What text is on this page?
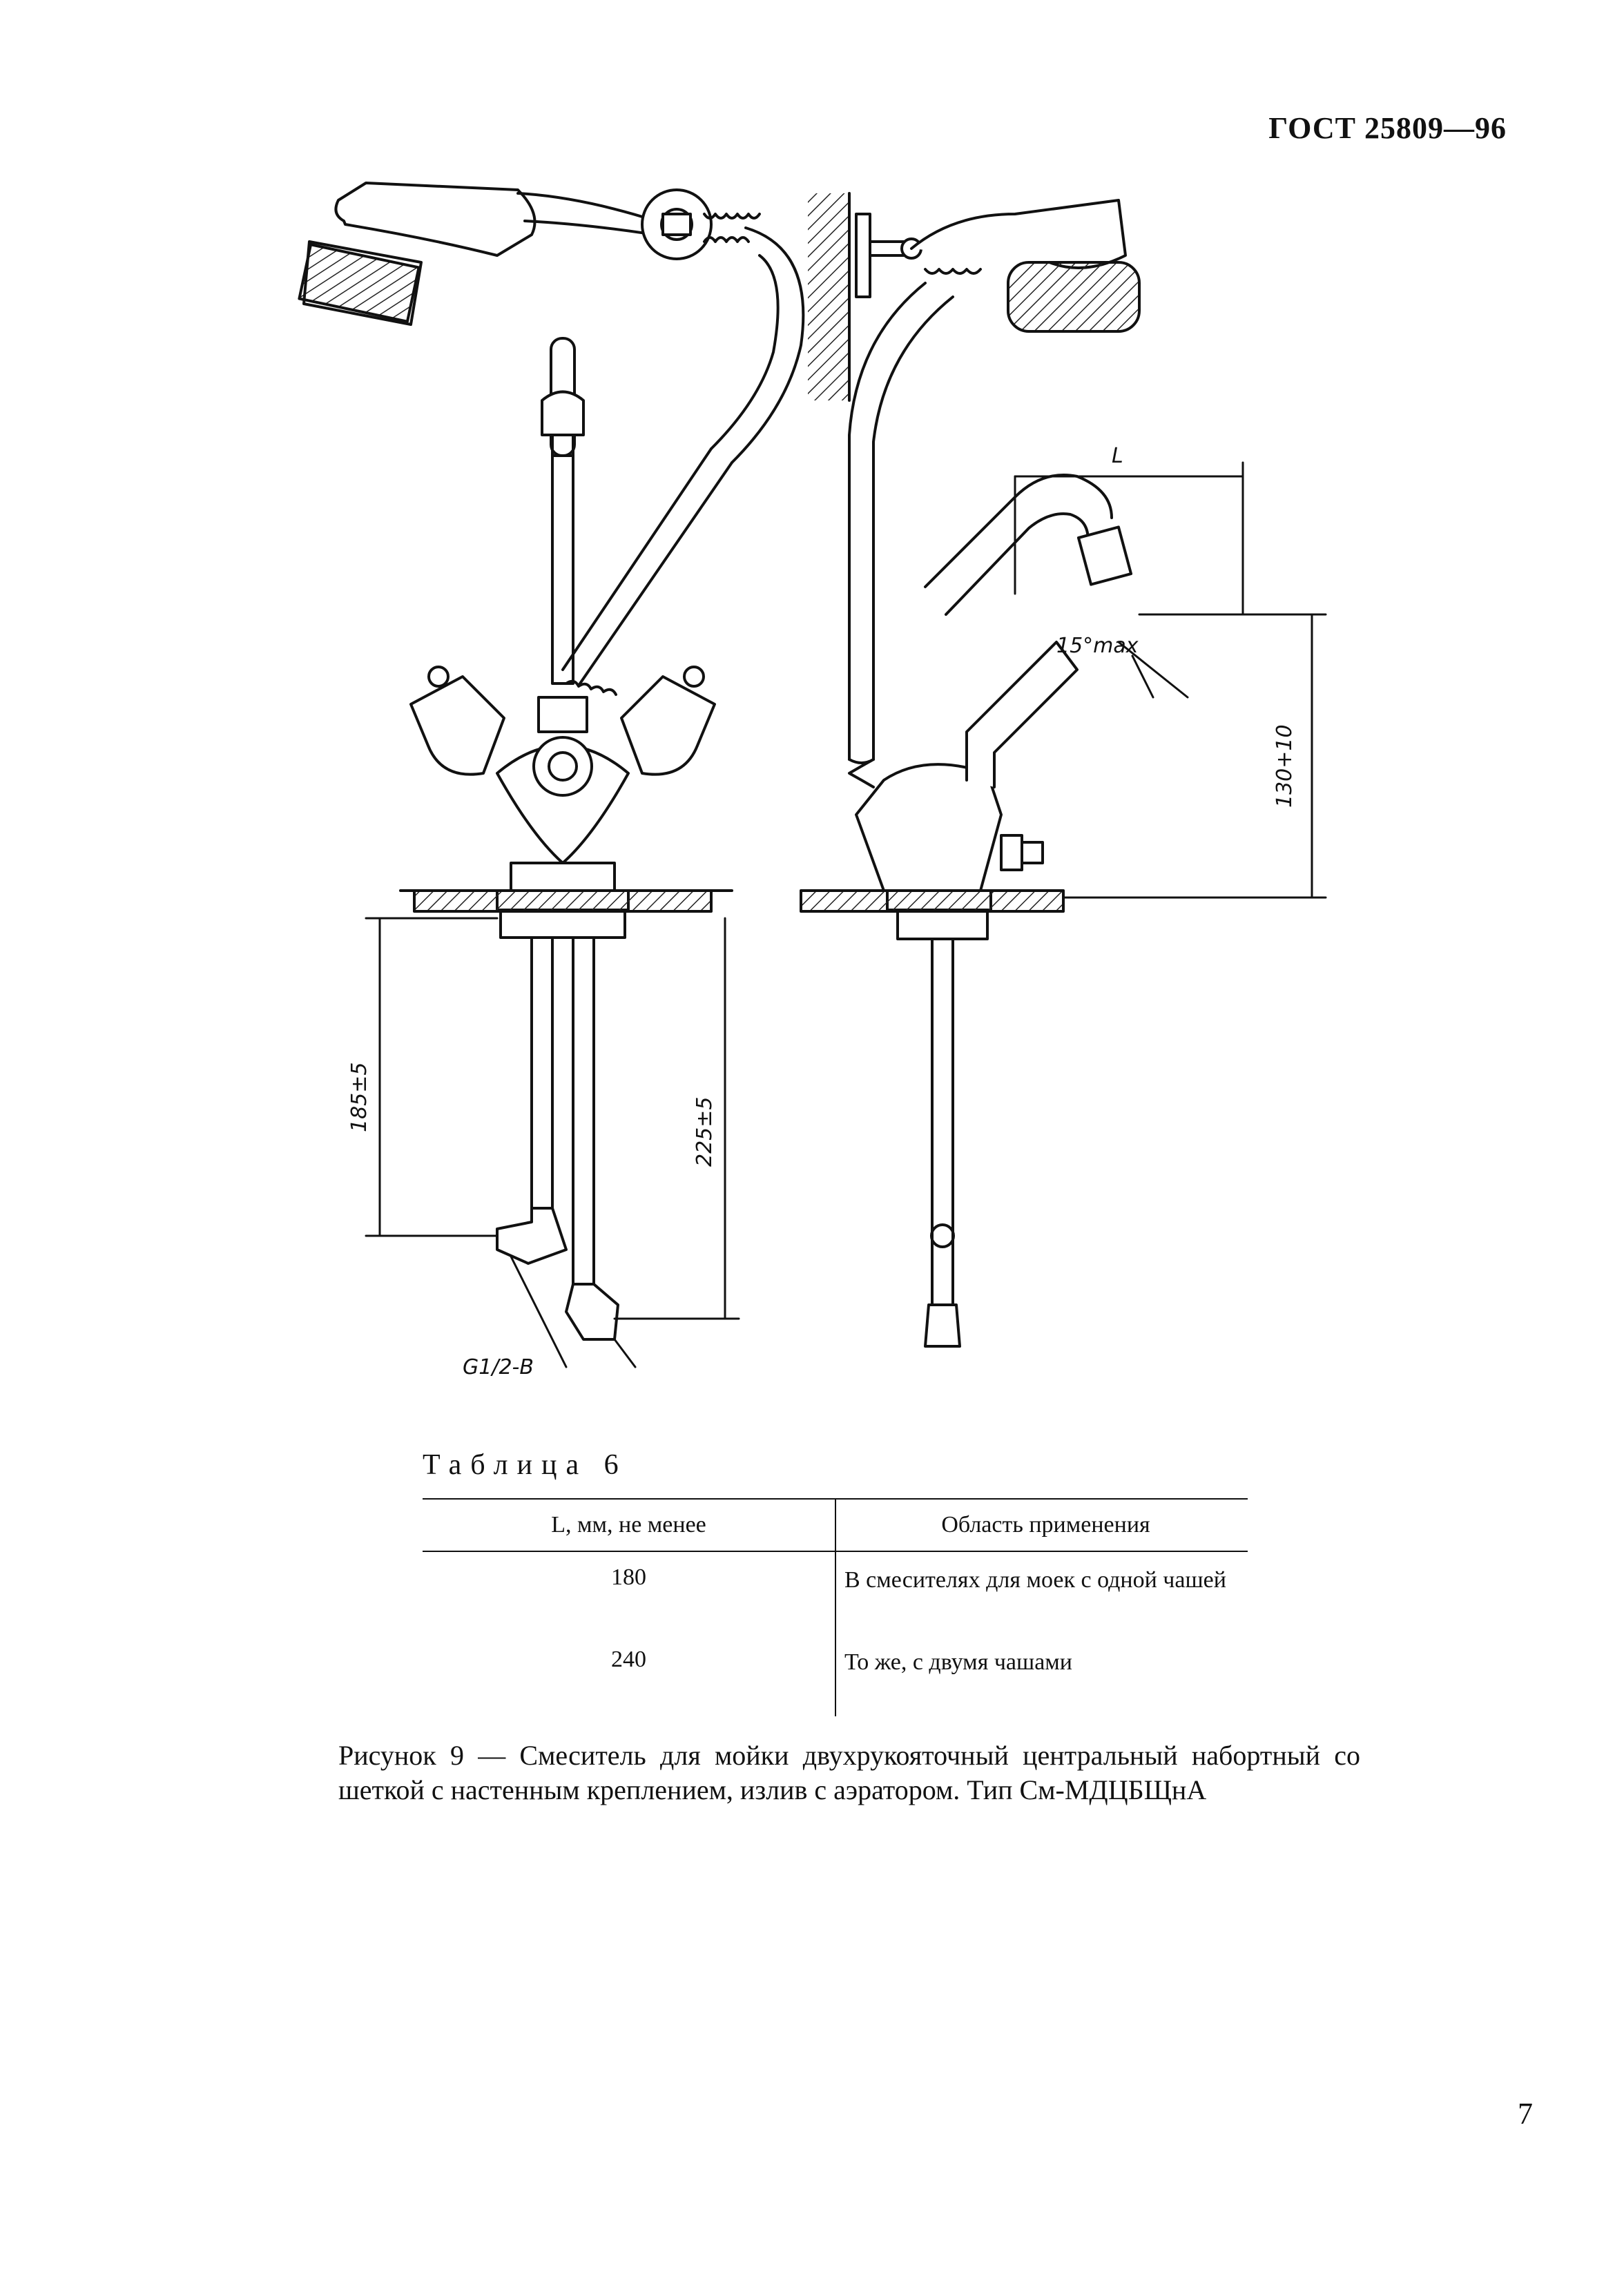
ГОСТ 25809—96
L
15°max
130+10
185±5	225±5
G1/2-B
Таблица 6
L, мм, не менее	Область применения
180	В смесителях для моек с одной чашей

240	То же, с двумя чашами
Рисунок 9 — Смеситель для мойки двухрукояточный центральный набортный со шеткой с настенным креплением, излив с аэратором. Тип См-МДЦБЩнА
7
